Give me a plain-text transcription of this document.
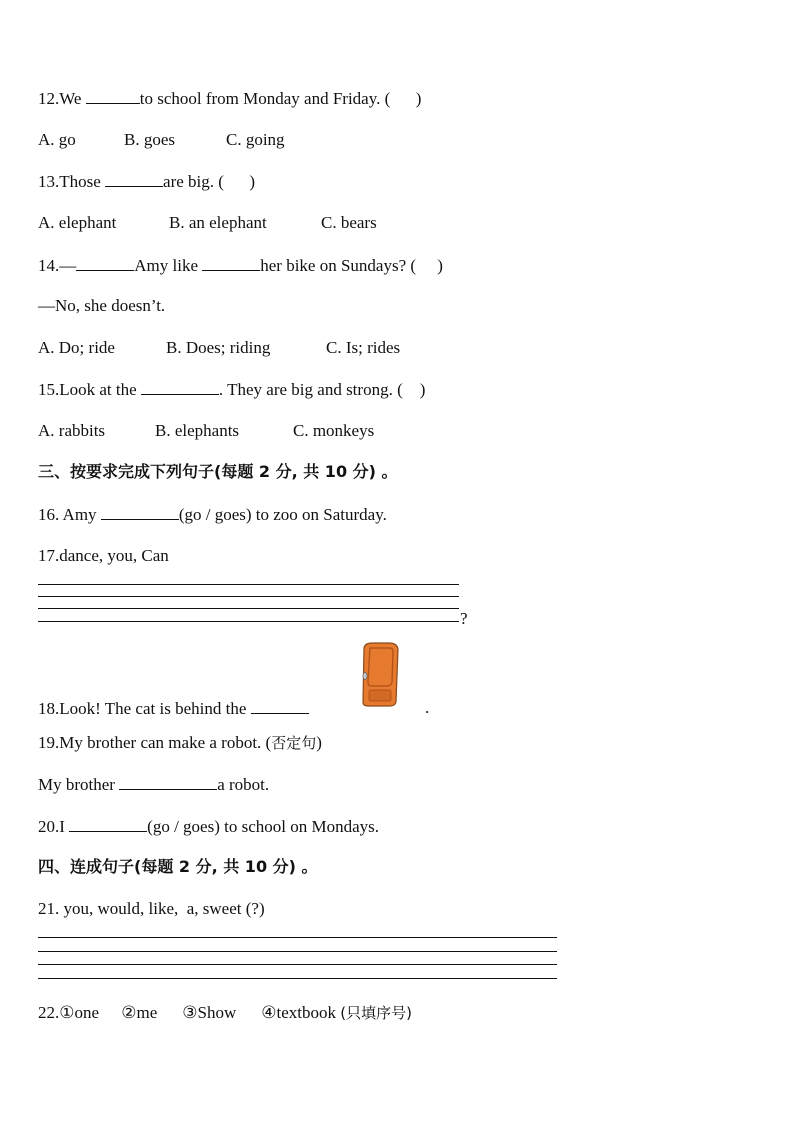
12.We	to school from Monday and Friday. (      )
A. go	B. goes	C. going
13.Those	are big. (      )
A. elephant	B. an elephant	C. bears
14.—	Amy like	her bike on Sundays? (     )
—No, she doesn’t.
A. Do; ride	B. Does; riding	C. Is; rides
15.Look at the	. They are big and strong. (    )
A. rabbits	B. elephants	C. monkeys
三、按要求完成下列句子(每题 2 分, 共 10 分) 。
16. Amy	(go / goes) to zoo on Saturday.
17.dance, you, Can
?
18.Look! The cat is behind the	.
19.My brother can make a robot. (否定句)
My brother	a robot.
20.I	(go / goes) to school on Mondays.
四、连成句子(每题 2 分, 共 10 分) 。
21. you, would, like,  a, sweet (?)
22.①one ②me ③Show ④textbook (只填序号)
